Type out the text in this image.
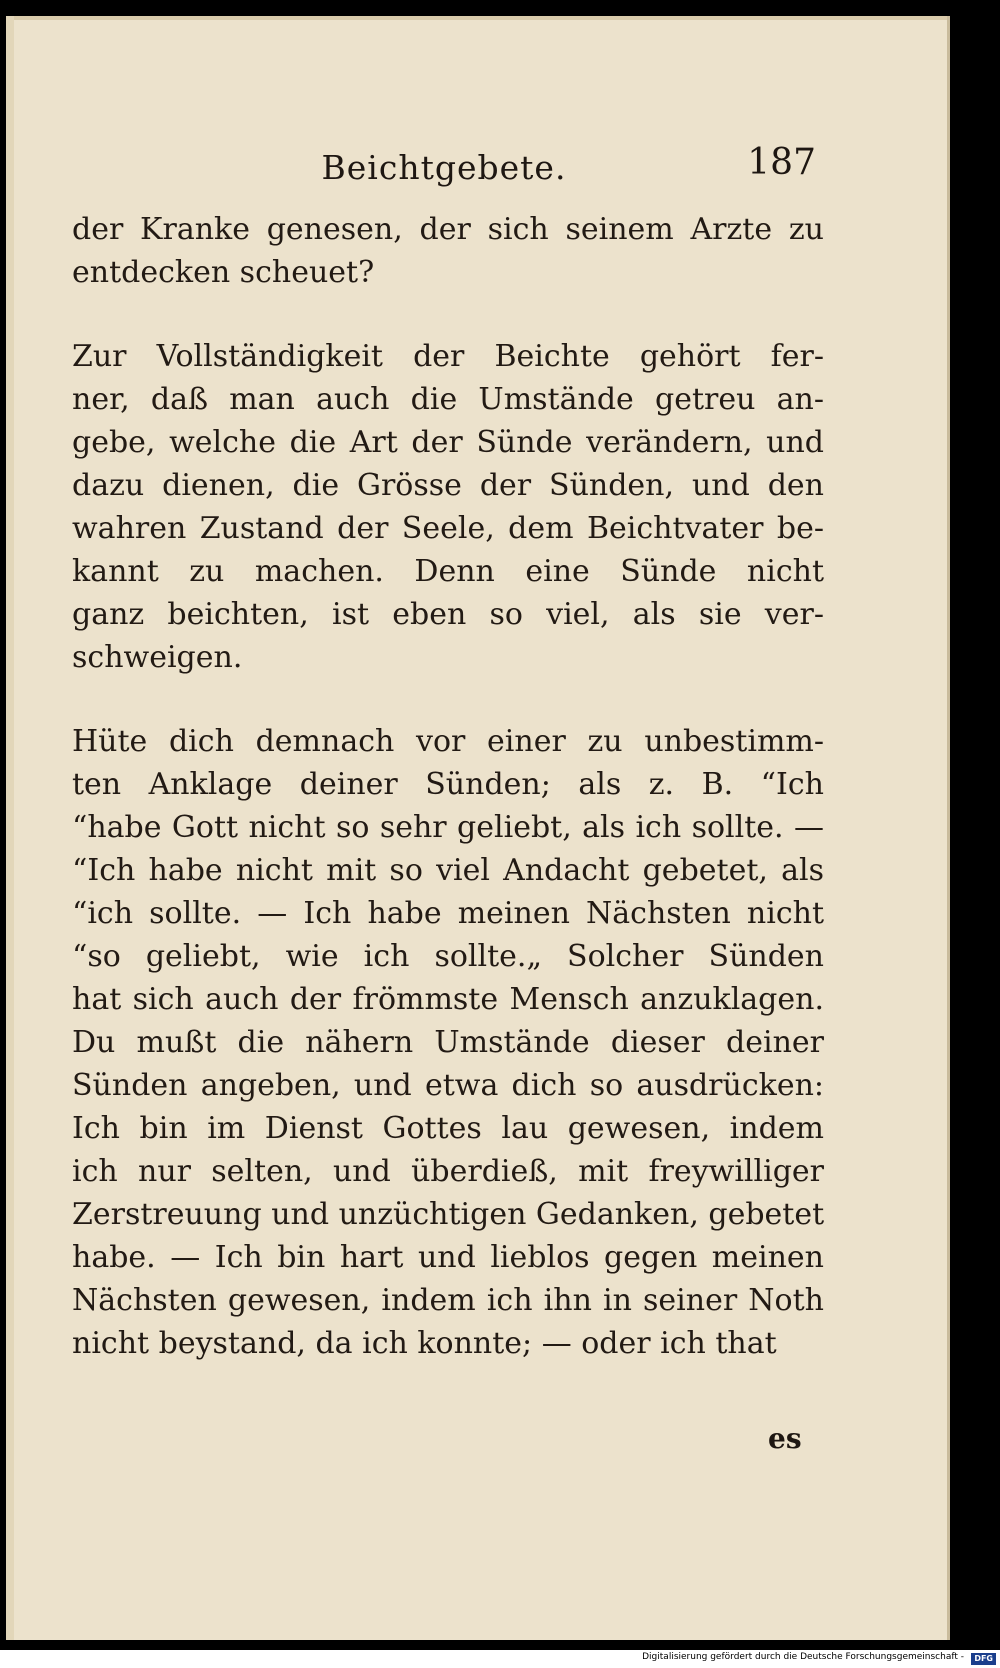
Beichtgebete.	187
der Kranke genesen, der sich seinem Arzte zu
entdecken scheuet?
Zur Vollständigkeit der Beichte gehört fer-
ner, daß man auch die Umstände getreu an-
gebe, welche die Art der Sünde verändern, und
dazu dienen, die Grösse der Sünden, und den
wahren Zustand der Seele, dem Beichtvater be-
kannt zu machen. Denn eine Sünde nicht
ganz beichten, ist eben so viel, als sie ver-
schweigen.
Hüte dich demnach vor einer zu unbestimm-
ten Anklage deiner Sünden; als z. B. “Ich
“habe Gott nicht so sehr geliebt, als ich sollte. —
“Ich habe nicht mit so viel Andacht gebetet, als
“ich sollte. — Ich habe meinen Nächsten nicht
“so geliebt, wie ich sollte.„ Solcher Sünden
hat sich auch der frömmste Mensch anzuklagen.
Du mußt die nähern Umstände dieser deiner
Sünden angeben, und etwa dich so ausdrücken:
Ich bin im Dienst Gottes lau gewesen, indem
ich nur selten, und überdieß, mit freywilliger
Zerstreuung und unzüchtigen Gedanken, gebetet
habe. — Ich bin hart und lieblos gegen meinen
Nächsten gewesen, indem ich ihn in seiner Noth
nicht beystand, da ich konnte; — oder ich that
es
Digitalisierung gefördert durch die Deutsche Forschungsgemeinschaft -	DFG
